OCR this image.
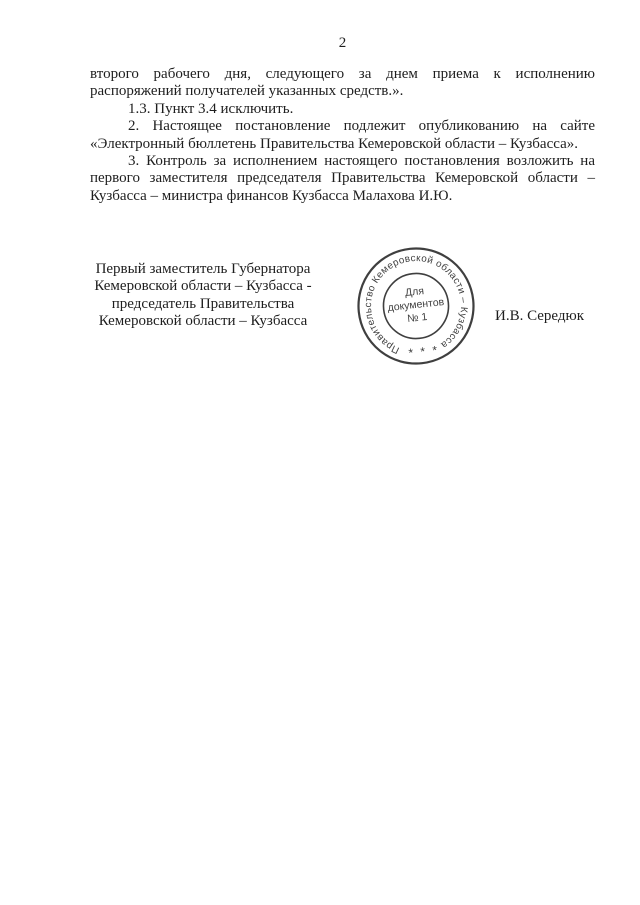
2
второго рабочего дня, следующего за днем приема к исполнению
распоряжений получателей указанных средств.».
1.3. Пункт 3.4 исключить.
2. Настоящее постановление подлежит опубликованию на сайте
«Электронный бюллетень Правительства Кемеровской области – Кузбасса».
3. Контроль за исполнением настоящего постановления возложить на
первого заместителя председателя Правительства Кемеровской области –
Кузбасса – министра финансов Кузбасса Малахова И.Ю.
Первый заместитель Губернатора
Кемеровской области – Кузбасса -
председатель Правительства
Кемеровской области – Кузбасса
Правительство Кемеровской области – Кузбасса
Для
документов
№ 1
* * *
И.В. Середюк
